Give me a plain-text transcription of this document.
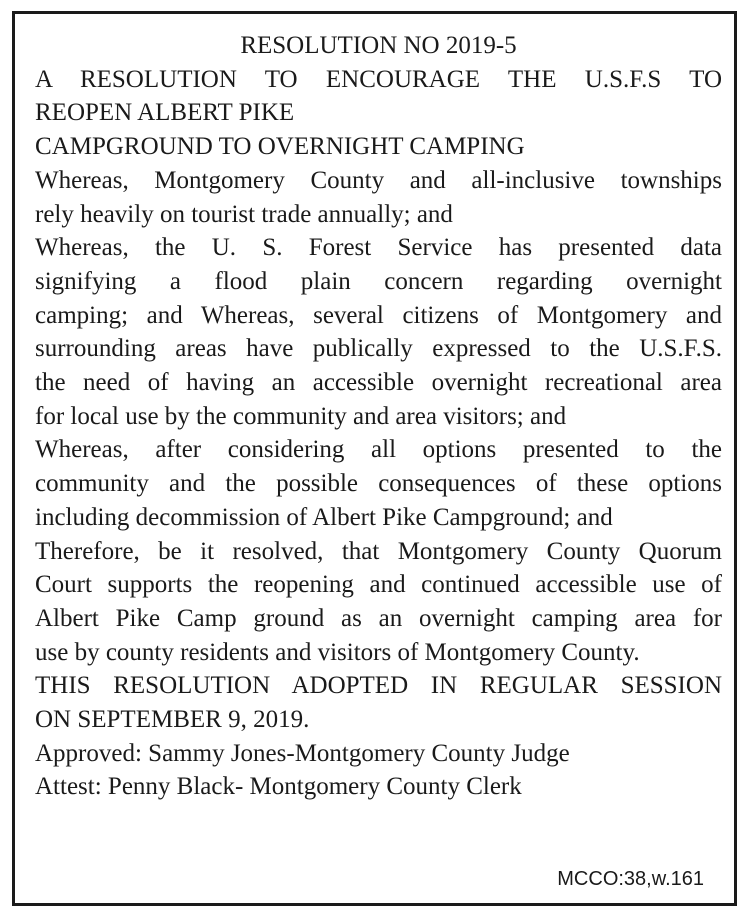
RESOLUTION NO 2019-5

A RESOLUTION TO ENCOURAGE THE U.S.F.S TO
REOPEN ALBERT PIKE
CAMPGROUND TO OVERNIGHT CAMPING
Whereas, Montgomery County and all-inclusive townships
rely heavily on tourist trade annually; and
Whereas, the U. S. Forest Service has presented data
signifying a flood plain concern regarding overnight
camping; and Whereas, several citizens of Montgomery and
surrounding areas have publically expressed to the U.S.F.S.
the need of having an accessible overnight recreational area
for local use by the community and area visitors; and
Whereas, after considering all options presented to the
community and the possible consequences of these options
including decommission of Albert Pike Campground; and
Therefore, be it resolved, that Montgomery County Quorum
Court supports the reopening and continued accessible use of
Albert Pike Camp ground as an overnight camping area for
use by county residents and visitors of Montgomery County.
THIS RESOLUTION ADOPTED IN REGULAR SESSION
ON SEPTEMBER 9, 2019.
Approved: Sammy Jones-Montgomery County Judge
Attest: Penny Black- Montgomery County Clerk
MCCO:38,w.161
